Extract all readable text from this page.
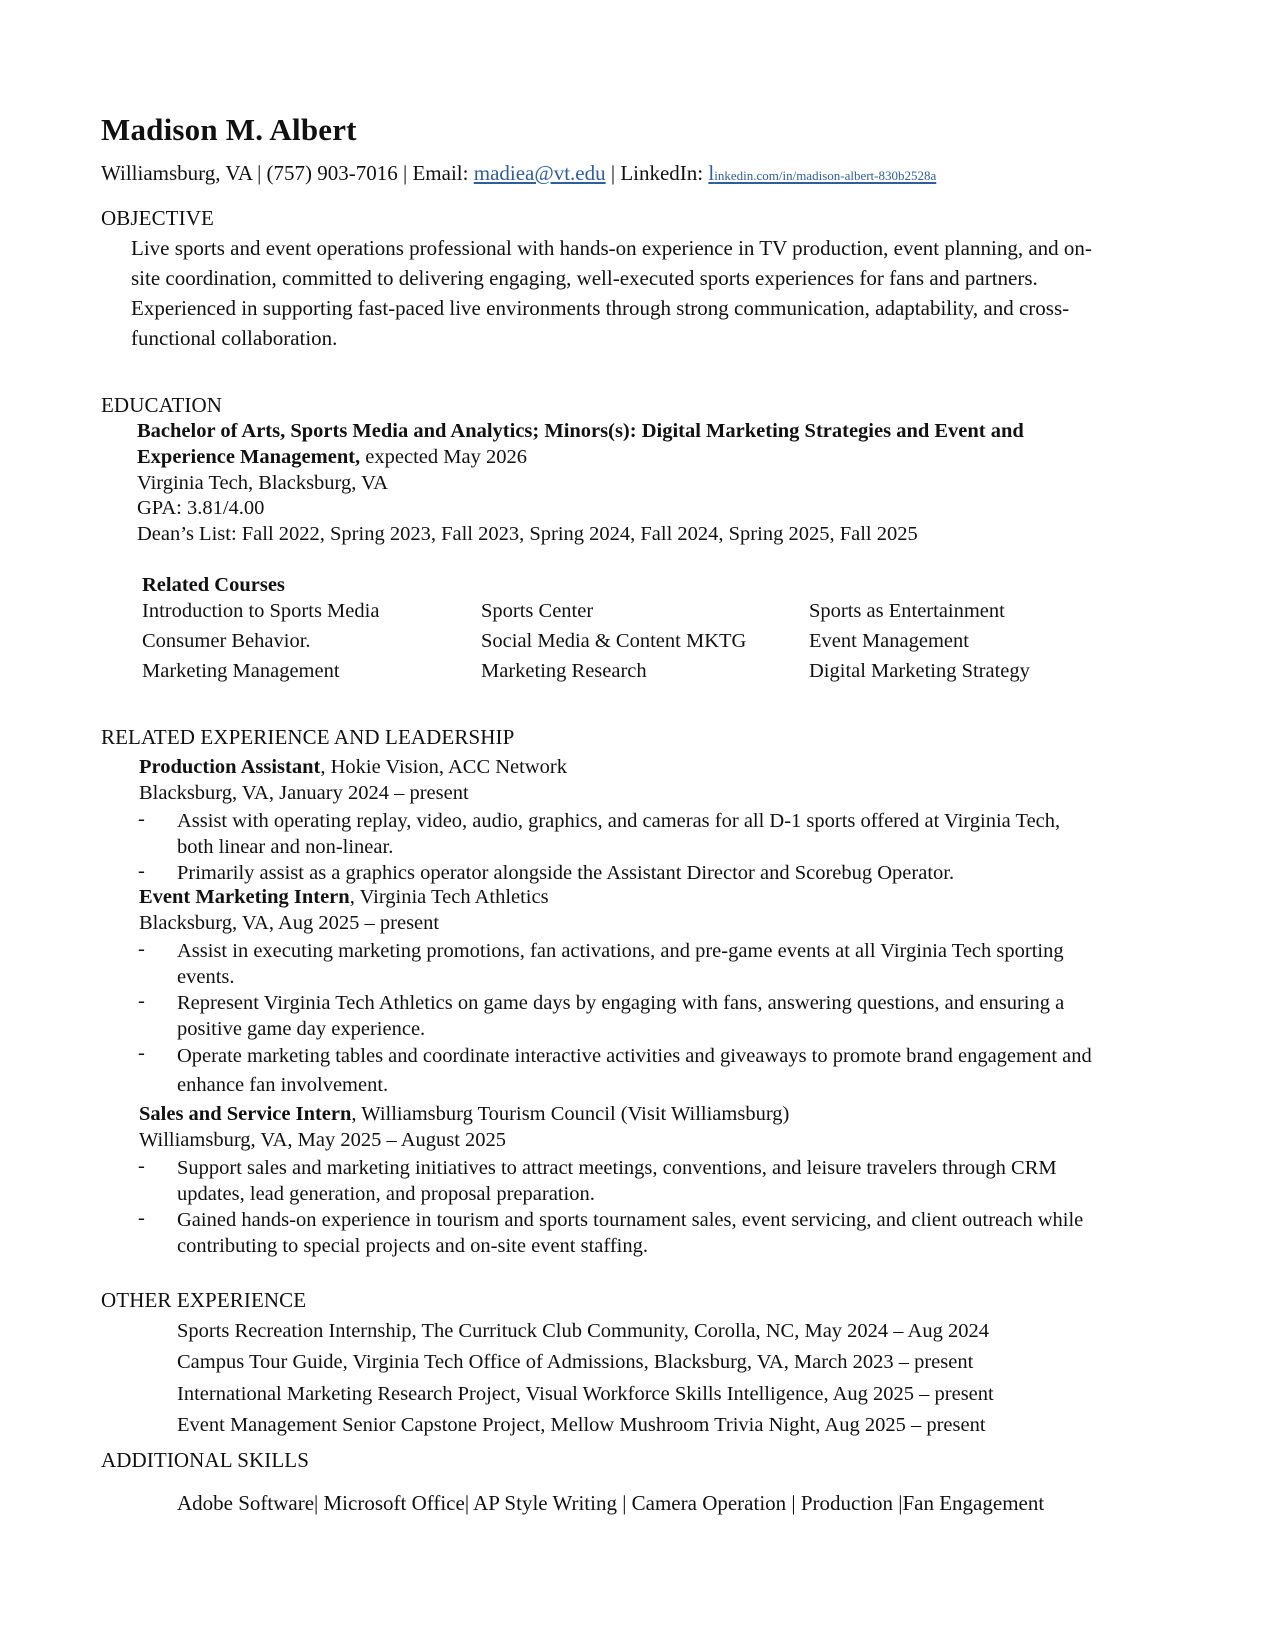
Madison M. Albert
Williamsburg, VA | (757) 903-7016 | Email: madiea@vt.edu | LinkedIn: linkedin.com/in/madison-albert-830b2528a
OBJECTIVE
Live sports and event operations professional with hands-on experience in TV production, event planning, and on-
site coordination, committed to delivering engaging, well-executed sports experiences for fans and partners.
Experienced in supporting fast-paced live environments through strong communication, adaptability, and cross-
functional collaboration.
EDUCATION
Bachelor of Arts, Sports Media and Analytics; Minors(s): Digital Marketing Strategies and Event and
Experience Management, expected May 2026
Virginia Tech, Blacksburg, VA
GPA: 3.81/4.00
Dean’s List: Fall 2022, Spring 2023, Fall 2023, Spring 2024, Fall 2024, Spring 2025, Fall 2025
Related Courses
Introduction to Sports Media	Sports Center	Sports as Entertainment
Consumer Behavior.	Social Media & Content MKTG	Event Management
Marketing Management	Marketing Research	Digital Marketing Strategy
RELATED EXPERIENCE AND LEADERSHIP
Production Assistant, Hokie Vision, ACC Network
Blacksburg, VA, January 2024 – present
- Assist with operating replay, video, audio, graphics, and cameras for all D-1 sports offered at Virginia Tech,
both linear and non-linear.
- Primarily assist as a graphics operator alongside the Assistant Director and Scorebug Operator.
Event Marketing Intern, Virginia Tech Athletics
Blacksburg, VA, Aug 2025 – present
- Assist in executing marketing promotions, fan activations, and pre-game events at all Virginia Tech sporting
events.
- Represent Virginia Tech Athletics on game days by engaging with fans, answering questions, and ensuring a
positive game day experience.
- Operate marketing tables and coordinate interactive activities and giveaways to promote brand engagement and
enhance fan involvement.
Sales and Service Intern, Williamsburg Tourism Council (Visit Williamsburg)
Williamsburg, VA, May 2025 – August 2025
- Support sales and marketing initiatives to attract meetings, conventions, and leisure travelers through CRM
updates, lead generation, and proposal preparation.
- Gained hands-on experience in tourism and sports tournament sales, event servicing, and client outreach while
contributing to special projects and on-site event staffing.
OTHER EXPERIENCE
Sports Recreation Internship, The Currituck Club Community, Corolla, NC, May 2024 – Aug 2024
Campus Tour Guide, Virginia Tech Office of Admissions, Blacksburg, VA, March 2023 – present
International Marketing Research Project, Visual Workforce Skills Intelligence, Aug 2025 – present
Event Management Senior Capstone Project, Mellow Mushroom Trivia Night, Aug 2025 – present
ADDITIONAL SKILLS
Adobe Software| Microsoft Office| AP Style Writing | Camera Operation | Production |Fan Engagement
